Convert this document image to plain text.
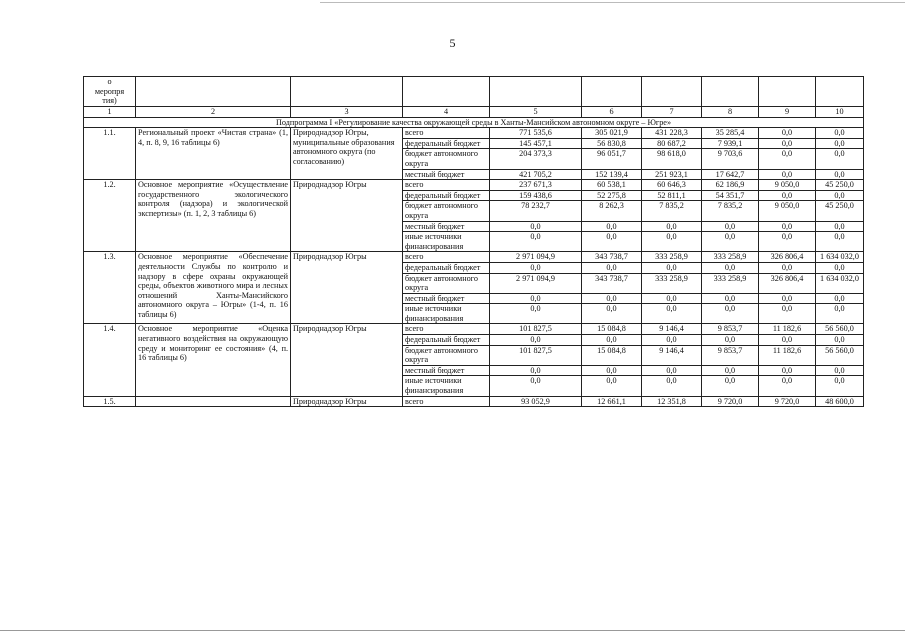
5
о
меропря
тия)									
1	2	3	4	5	6	7	8	9	10
Подпрограмма I «Регулирование качества окружающей среды в Ханты-Мансийском автономном округе – Югре»									
1.1.	Региональный проект «Чистая страна» (1, 4, п. 8, 9, 16 таблицы 6)	Природнадзор Югры, муниципальные образования автономного округа (по согласованию)	всего	771 535,6	305 021,9	431 228,3	35 285,4	0,0	0,0
			федеральный бюджет	145 457,1	56 830,8	80 687,2	7 939,1	0,0	0,0
			бюджет автономного округа	204 373,3	96 051,7	98 618,0	9 703,6	0,0	0,0
			местный бюджет	421 705,2	152 139,4	251 923,1	17 642,7	0,0	0,0
1.2.	Основное мероприятие «Осуществление государственного экологического контроля (надзора) и экологической экспертизы» (п. 1, 2, 3 таблицы 6)	Природнадзор Югры	всего	237 671,3	60 538,1	60 646,3	62 186,9	9 050,0	45 250,0
			федеральный бюджет	159 438,6	52 275,8	52 811,1	54 351,7	0,0	0,0
			бюджет автономного округа	78 232,7	8 262,3	7 835,2	7 835,2	9 050,0	45 250,0
			местный бюджет	0,0	0,0	0,0	0,0	0,0	0,0
			иные источники финансирования	0,0	0,0	0,0	0,0	0,0	0,0
1.3.	Основное мероприятие «Обеспечение деятельности Службы по контролю и надзору в сфере охраны окружающей среды, объектов животного мира и лесных отношений Ханты-Мансийского автономного округа – Югры» (1-4, п. 16 таблицы 6)	Природнадзор Югры	всего	2 971 094,9	343 738,7	333 258,9	333 258,9	326 806,4	1 634 032,0
			федеральный бюджет	0,0	0,0	0,0	0,0	0,0	0,0
			бюджет автономного округа	2 971 094,9	343 738,7	333 258,9	333 258,9	326 806,4	1 634 032,0
			местный бюджет	0,0	0,0	0,0	0,0	0,0	0,0
			иные источники финансирования	0,0	0,0	0,0	0,0	0,0	0,0
1.4.	Основное мероприятие «Оценка негативного воздействия на окружающую среду и мониторинг ее состояния» (4, п. 16 таблицы 6)	Природнадзор Югры	всего	101 827,5	15 084,8	9 146,4	9 853,7	11 182,6	56 560,0
			федеральный бюджет	0,0	0,0	0,0	0,0	0,0	0,0
			бюджет автономного округа	101 827,5	15 084,8	9 146,4	9 853,7	11 182,6	56 560,0
			местный бюджет	0,0	0,0	0,0	0,0	0,0	0,0
			иные источники финансирования	0,0	0,0	0,0	0,0	0,0	0,0
1.5.		Природнадзор Югры	всего	93 052,9	12 661,1	12 351,8	9 720,0	9 720,0	48 600,0
